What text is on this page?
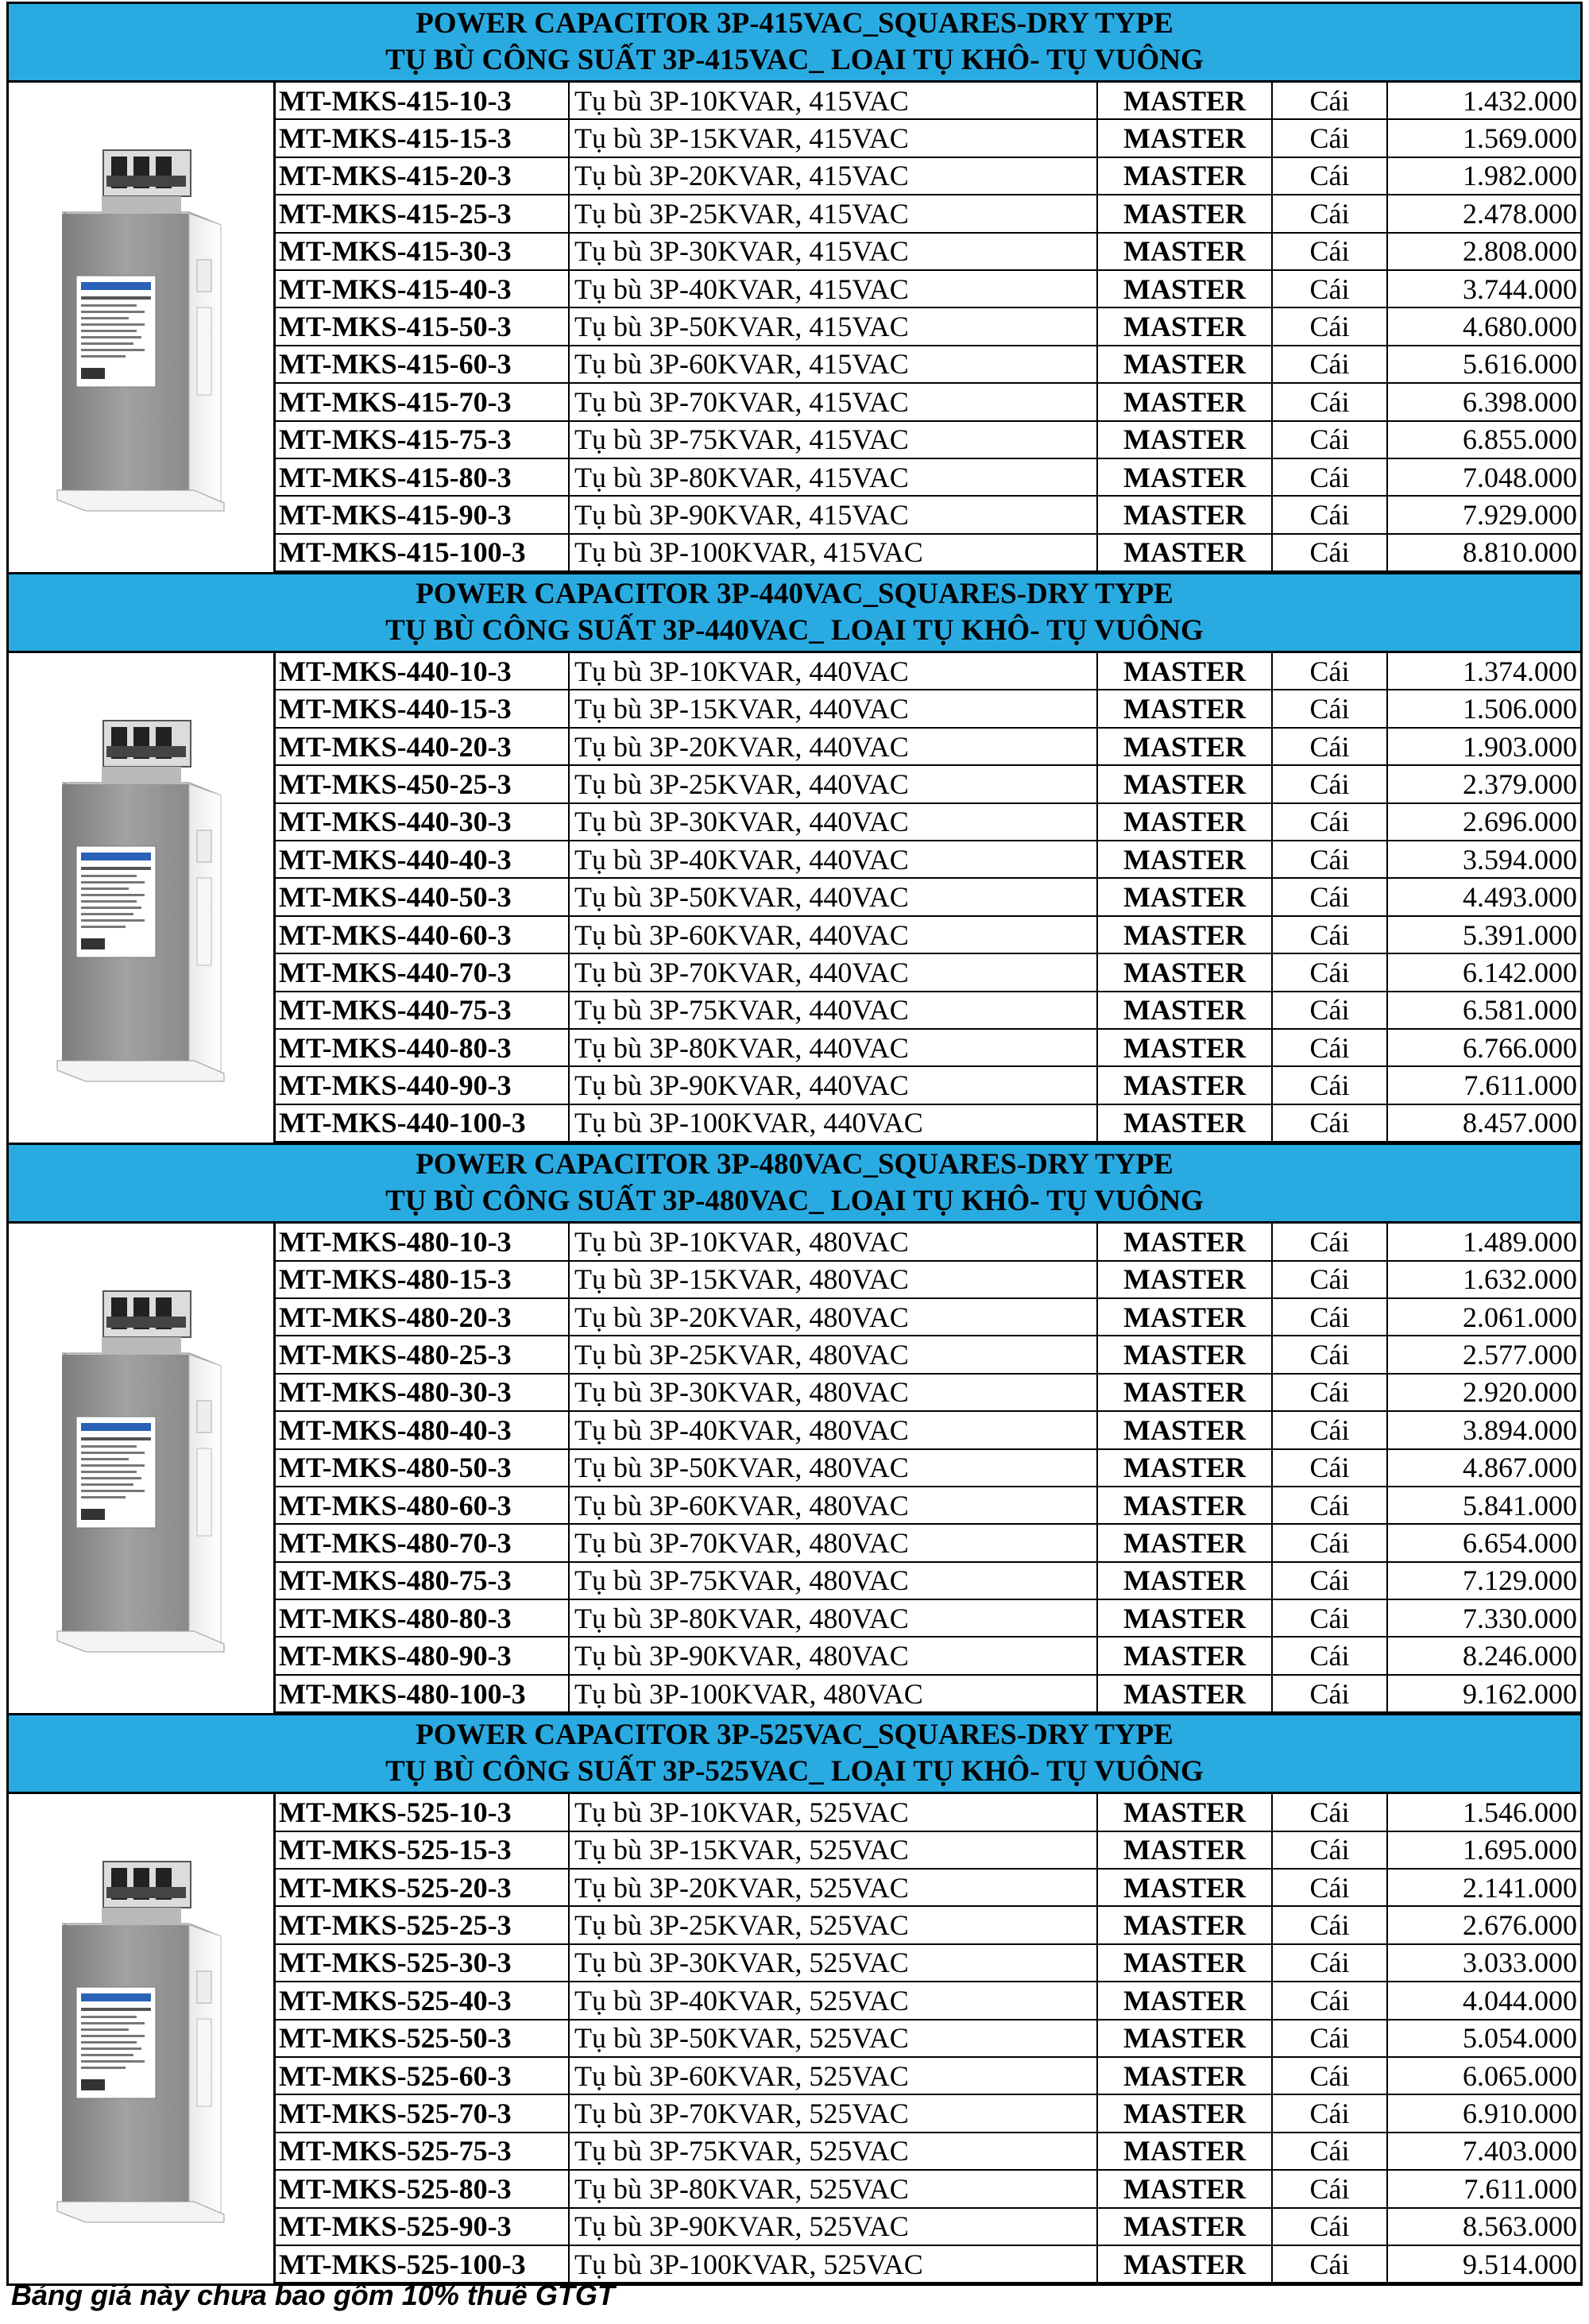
POWER CAPACITOR 3P-415VAC_SQUARES-DRY TYPE
TỤ BÙ CÔNG SUẤT 3P-415VAC_ LOẠI TỤ KHÔ- TỤ VUÔNG
MT-MKS-415-10-3	Tụ bù 3P-10KVAR, 415VAC	MASTER	Cái	1.432.000
MT-MKS-415-15-3	Tụ bù 3P-15KVAR, 415VAC	MASTER	Cái	1.569.000
MT-MKS-415-20-3	Tụ bù 3P-20KVAR, 415VAC	MASTER	Cái	1.982.000
MT-MKS-415-25-3	Tụ bù 3P-25KVAR, 415VAC	MASTER	Cái	2.478.000
MT-MKS-415-30-3	Tụ bù 3P-30KVAR, 415VAC	MASTER	Cái	2.808.000
MT-MKS-415-40-3	Tụ bù 3P-40KVAR, 415VAC	MASTER	Cái	3.744.000
MT-MKS-415-50-3	Tụ bù 3P-50KVAR, 415VAC	MASTER	Cái	4.680.000
MT-MKS-415-60-3	Tụ bù 3P-60KVAR, 415VAC	MASTER	Cái	5.616.000
MT-MKS-415-70-3	Tụ bù 3P-70KVAR, 415VAC	MASTER	Cái	6.398.000
MT-MKS-415-75-3	Tụ bù 3P-75KVAR, 415VAC	MASTER	Cái	6.855.000
MT-MKS-415-80-3	Tụ bù 3P-80KVAR, 415VAC	MASTER	Cái	7.048.000
MT-MKS-415-90-3	Tụ bù 3P-90KVAR, 415VAC	MASTER	Cái	7.929.000
MT-MKS-415-100-3	Tụ bù 3P-100KVAR, 415VAC	MASTER	Cái	8.810.000
POWER CAPACITOR 3P-440VAC_SQUARES-DRY TYPE
TỤ BÙ CÔNG SUẤT 3P-440VAC_ LOẠI TỤ KHÔ- TỤ VUÔNG
MT-MKS-440-10-3	Tụ bù 3P-10KVAR, 440VAC	MASTER	Cái	1.374.000
MT-MKS-440-15-3	Tụ bù 3P-15KVAR, 440VAC	MASTER	Cái	1.506.000
MT-MKS-440-20-3	Tụ bù 3P-20KVAR, 440VAC	MASTER	Cái	1.903.000
MT-MKS-450-25-3	Tụ bù 3P-25KVAR, 440VAC	MASTER	Cái	2.379.000
MT-MKS-440-30-3	Tụ bù 3P-30KVAR, 440VAC	MASTER	Cái	2.696.000
MT-MKS-440-40-3	Tụ bù 3P-40KVAR, 440VAC	MASTER	Cái	3.594.000
MT-MKS-440-50-3	Tụ bù 3P-50KVAR, 440VAC	MASTER	Cái	4.493.000
MT-MKS-440-60-3	Tụ bù 3P-60KVAR, 440VAC	MASTER	Cái	5.391.000
MT-MKS-440-70-3	Tụ bù 3P-70KVAR, 440VAC	MASTER	Cái	6.142.000
MT-MKS-440-75-3	Tụ bù 3P-75KVAR, 440VAC	MASTER	Cái	6.581.000
MT-MKS-440-80-3	Tụ bù 3P-80KVAR, 440VAC	MASTER	Cái	6.766.000
MT-MKS-440-90-3	Tụ bù 3P-90KVAR, 440VAC	MASTER	Cái	7.611.000
MT-MKS-440-100-3	Tụ bù 3P-100KVAR, 440VAC	MASTER	Cái	8.457.000
POWER CAPACITOR 3P-480VAC_SQUARES-DRY TYPE
TỤ BÙ CÔNG SUẤT 3P-480VAC_ LOẠI TỤ KHÔ- TỤ VUÔNG
MT-MKS-480-10-3	Tụ bù 3P-10KVAR, 480VAC	MASTER	Cái	1.489.000
MT-MKS-480-15-3	Tụ bù 3P-15KVAR, 480VAC	MASTER	Cái	1.632.000
MT-MKS-480-20-3	Tụ bù 3P-20KVAR, 480VAC	MASTER	Cái	2.061.000
MT-MKS-480-25-3	Tụ bù 3P-25KVAR, 480VAC	MASTER	Cái	2.577.000
MT-MKS-480-30-3	Tụ bù 3P-30KVAR, 480VAC	MASTER	Cái	2.920.000
MT-MKS-480-40-3	Tụ bù 3P-40KVAR, 480VAC	MASTER	Cái	3.894.000
MT-MKS-480-50-3	Tụ bù 3P-50KVAR, 480VAC	MASTER	Cái	4.867.000
MT-MKS-480-60-3	Tụ bù 3P-60KVAR, 480VAC	MASTER	Cái	5.841.000
MT-MKS-480-70-3	Tụ bù 3P-70KVAR, 480VAC	MASTER	Cái	6.654.000
MT-MKS-480-75-3	Tụ bù 3P-75KVAR, 480VAC	MASTER	Cái	7.129.000
MT-MKS-480-80-3	Tụ bù 3P-80KVAR, 480VAC	MASTER	Cái	7.330.000
MT-MKS-480-90-3	Tụ bù 3P-90KVAR, 480VAC	MASTER	Cái	8.246.000
MT-MKS-480-100-3	Tụ bù 3P-100KVAR, 480VAC	MASTER	Cái	9.162.000
POWER CAPACITOR 3P-525VAC_SQUARES-DRY TYPE
TỤ BÙ CÔNG SUẤT 3P-525VAC_ LOẠI TỤ KHÔ- TỤ VUÔNG
MT-MKS-525-10-3	Tụ bù 3P-10KVAR, 525VAC	MASTER	Cái	1.546.000
MT-MKS-525-15-3	Tụ bù 3P-15KVAR, 525VAC	MASTER	Cái	1.695.000
MT-MKS-525-20-3	Tụ bù 3P-20KVAR, 525VAC	MASTER	Cái	2.141.000
MT-MKS-525-25-3	Tụ bù 3P-25KVAR, 525VAC	MASTER	Cái	2.676.000
MT-MKS-525-30-3	Tụ bù 3P-30KVAR, 525VAC	MASTER	Cái	3.033.000
MT-MKS-525-40-3	Tụ bù 3P-40KVAR, 525VAC	MASTER	Cái	4.044.000
MT-MKS-525-50-3	Tụ bù 3P-50KVAR, 525VAC	MASTER	Cái	5.054.000
MT-MKS-525-60-3	Tụ bù 3P-60KVAR, 525VAC	MASTER	Cái	6.065.000
MT-MKS-525-70-3	Tụ bù 3P-70KVAR, 525VAC	MASTER	Cái	6.910.000
MT-MKS-525-75-3	Tụ bù 3P-75KVAR, 525VAC	MASTER	Cái	7.403.000
MT-MKS-525-80-3	Tụ bù 3P-80KVAR, 525VAC	MASTER	Cái	7.611.000
MT-MKS-525-90-3	Tụ bù 3P-90KVAR, 525VAC	MASTER	Cái	8.563.000
MT-MKS-525-100-3	Tụ bù 3P-100KVAR, 525VAC	MASTER	Cái	9.514.000
Bảng giá này chưa bao gồm 10% thuế GTGT
